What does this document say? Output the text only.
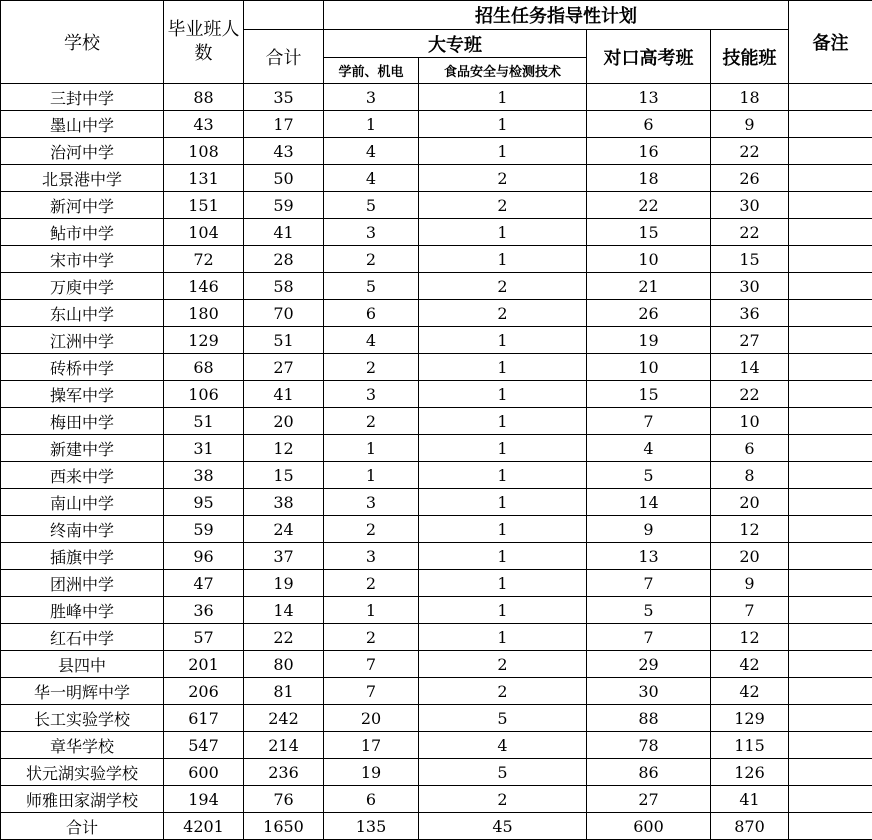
学校	毕业班人数		招生任务指导性计划				备注
		合计	大专班		对口高考班	技能班	
			学前、机电	食品安全与检测技术			
三封中学	88	35	3	1	13	18	
墨山中学	43	17	1	1	6	9	
治河中学	108	43	4	1	16	22	
北景港中学	131	50	4	2	18	26	
新河中学	151	59	5	2	22	30	
鲇市中学	104	41	3	1	15	22	
宋市中学	72	28	2	1	10	15	
万庾中学	146	58	5	2	21	30	
东山中学	180	70	6	2	26	36	
江洲中学	129	51	4	1	19	27	
砖桥中学	68	27	2	1	10	14	
操军中学	106	41	3	1	15	22	
梅田中学	51	20	2	1	7	10	
新建中学	31	12	1	1	4	6	
西来中学	38	15	1	1	5	8	
南山中学	95	38	3	1	14	20	
终南中学	59	24	2	1	9	12	
插旗中学	96	37	3	1	13	20	
团洲中学	47	19	2	1	7	9	
胜峰中学	36	14	1	1	5	7	
红石中学	57	22	2	1	7	12	
县四中	201	80	7	2	29	42	
华一明辉中学	206	81	7	2	30	42	
长工实验学校	617	242	20	5	88	129	
章华学校	547	214	17	4	78	115	
状元湖实验学校	600	236	19	5	86	126	
师雅田家湖学校	194	76	6	2	27	41	
合计	4201	1650	135	45	600	870	
